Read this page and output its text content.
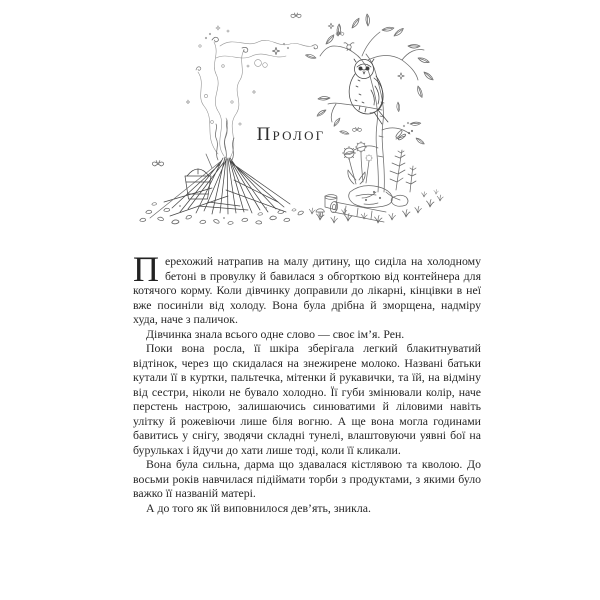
Пролог

Перехожий натрапив на малу дитину, що сиділа на холодному бетоні в провулку й бавилася з обгорткою від контейнера для котячого корму. Коли дівчинку доправили до лікарні, кінцівки в неї вже посиніли від холоду. Вона була дрібна й зморщена, надміру худа, наче з паличок.

Дівчинка знала всього одне слово — своє ім’я. Рен.

Поки вона росла, її шкіра зберігала легкий блакитнуватий відтінок, через що скидалася на знежирене молоко. Названі батьки кутали її в куртки, пальтечка, мітенки й рукавички, та їй, на відміну від сестри, ніколи не бувало холодно. Її губи змінювали колір, наче перстень настрою, залишаючись синюватими й ліловими навіть улітку й рожевіючи лише біля вогню. А ще вона могла годинами бавитись у снігу, зводячи складні тунелі, влаштовуючи уявні бої на бурульках і йдучи до хати лише тоді, коли її кликали.

Вона була сильна, дарма що здавалася кістлявою та кволою. До восьми років навчилася підіймати торби з продуктами, з якими було важко її названій матері.

А до того як їй виповнилося дев’ять, зникла.
